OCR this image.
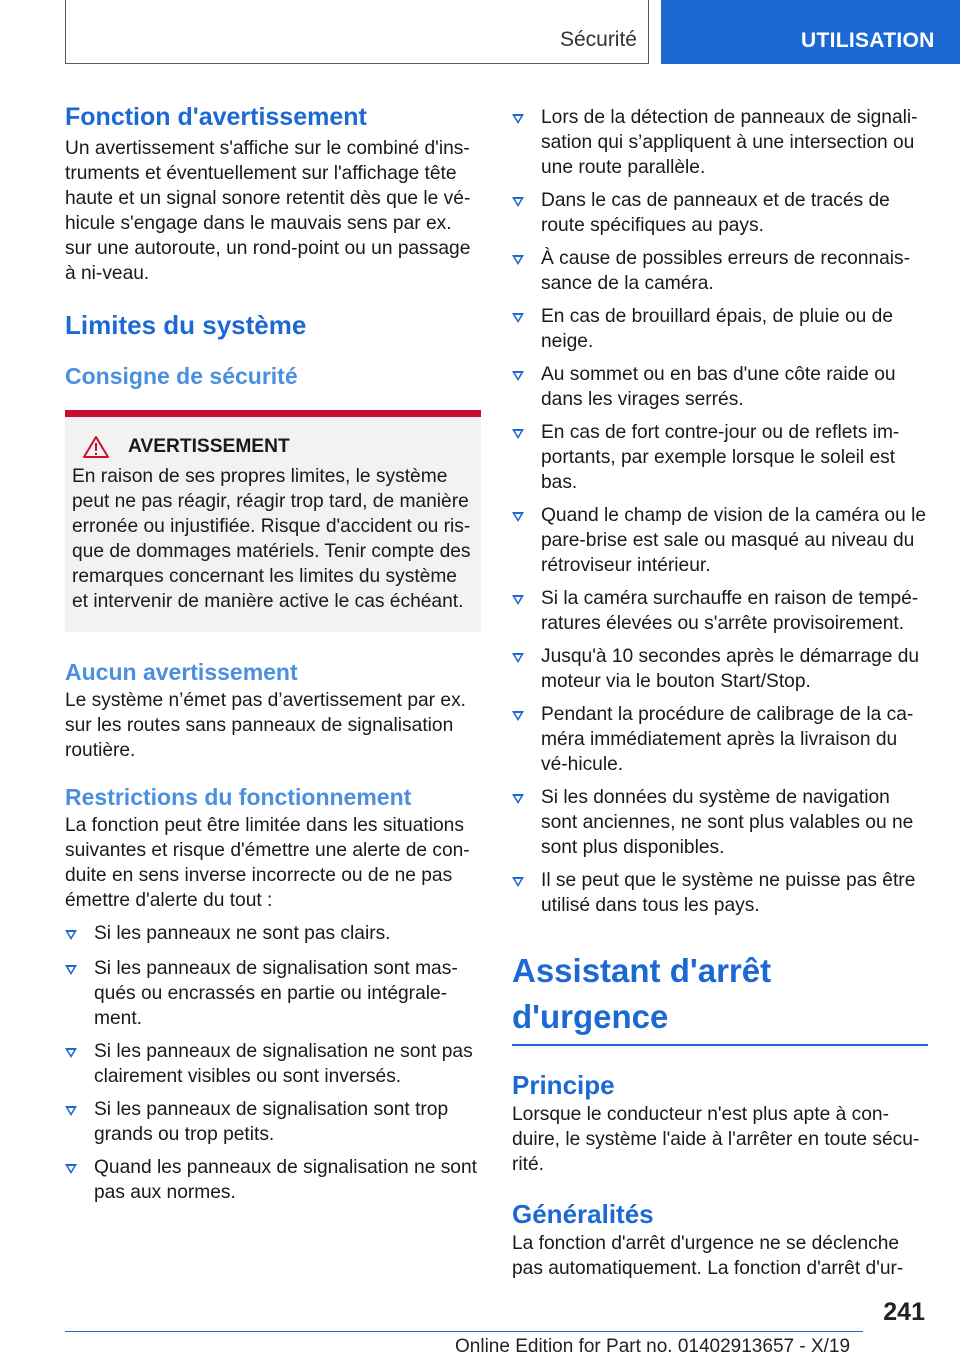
Sécurité	UTILISATION
Fonction d'avertissement

Un avertissement s'affiche sur le combiné d'ins-truments et éventuellement sur l'affichage tête haute et un signal sonore retentit dès que le vé-hicule s'engage dans le mauvais sens par ex. sur une autoroute, un rond-point ou un passage à ni-veau.

Limites du système
Consigne de sécurité
AVERTISSEMENT

En raison de ses propres limites, le système peut ne pas réagir, réagir trop tard, de manière erronée ou injustifiée. Risque d'accident ou ris-que de dommages matériels. Tenir compte des remarques concernant les limites du système et intervenir de manière active le cas échéant.

Aucun avertissement

Le système n’émet pas d’avertissement par ex. sur les routes sans panneaux de signalisation routière.

Restrictions du fonctionnement

La fonction peut être limitée dans les situations suivantes et risque d'émettre une alerte de con-duite en sens inverse incorrecte ou de ne pas émettre d'alerte du tout :

Si les panneaux ne sont pas clairs.
Si les panneaux de signalisation sont mas-qués ou encrassés en partie ou intégrale-ment.
Si les panneaux de signalisation ne sont pas clairement visibles ou sont inversés.
Si les panneaux de signalisation sont trop grands ou trop petits.
Quand les panneaux de signalisation ne sont pas aux normes.
Lors de la détection de panneaux de signali-sation qui s’appliquent à une intersection ou une route parallèle.
Dans le cas de panneaux et de tracés de route spécifiques au pays.
À cause de possibles erreurs de reconnais-sance de la caméra.
En cas de brouillard épais, de pluie ou de neige.
Au sommet ou en bas d'une côte raide ou dans les virages serrés.
En cas de fort contre-jour ou de reflets im-portants, par exemple lorsque le soleil est bas.
Quand le champ de vision de la caméra ou le pare-brise est sale ou masqué au niveau du rétroviseur intérieur.
Si la caméra surchauffe en raison de tempé-ratures élevées ou s'arrête provisoirement.
Jusqu'à 10 secondes après le démarrage du moteur via le bouton Start/Stop.
Pendant la procédure de calibrage de la ca-méra immédiatement après la livraison du vé-hicule.
Si les données du système de navigation sont anciennes, ne sont plus valables ou ne sont plus disponibles.
Il se peut que le système ne puisse pas être utilisé dans tous les pays.
Assistant d'arrêt d'urgence
Principe

Lorsque le conducteur n'est plus apte à con-duire, le système l'aide à l'arrêter en toute sécu-rité.

Généralités

La fonction d'arrêt d'urgence ne se déclenche pas automatiquement. La fonction d'arrêt d'ur-

241
Online Edition for Part no. 01402913657 - X/19
